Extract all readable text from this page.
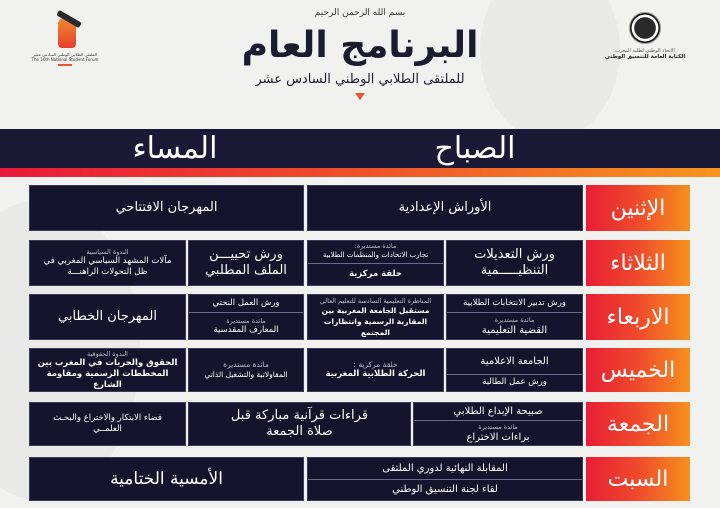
الملتقى الطلابي الوطني السادس عشر
The 16th National Student Forum
بسم الله الرحمن الرحيم
البرنامج العام
للملتقى الطلابي الوطني السادس عشر
الاتحاد الوطني لطلبة المغرب
الكتابة العامة للتنسيق الوطني
الصباح
المساء
الإثنين
الأوراش الإعدادية
المهرجان الافتتاحي
الثلاثاء
ورش التعديلات التنظيـــــمية
مائدة مستديرة:
تجارب الاتحادات والمنظمات الطلابية
حلقة مركزية
ورش تحييـــن الملف المطلبي
الندوة السياسية
مآلات المشهد السياسي المغربي في ظل التحولات الراهنـــة
الاربعاء
ورش تدبير الانتخابات الطلابية
مائدة مستديرة
القضية التعليمية
المناظرة التعليمية السادسة للتعليم العالي
مستقبل الجامعة المغربية بين المقاربة الرسمية وانتظارات المجتمع
ورش العمل النحتي
مائدة مستديرة
المعارف المقدسية
المهرجان الخطابي
الخميس
الجامعة الاعلامية
ورش عمل الطالبة
حلقة مركزية :
الحركة الطلابية المغربية
مائدة مستديرة
المقاولاتية والتشغيل الذاتي
الندوة الحقوقية
الحقوق والحريات في المغرب بين المخططات الرسمية ومقاومة الشارع
الجمعة
صبيحة الإبداع الطلابي
مائدة مستديرة
براءات الاختراع
قراءات قرآنية مباركة قبل صلاة الجمعة
فضاء الابتكار والاختراع والبحـث العلمــي
السبت
المقابلة النهائية لدوري الملتقى
لقاء لجنة التنسيق الوطني
الأمسية الختامية
